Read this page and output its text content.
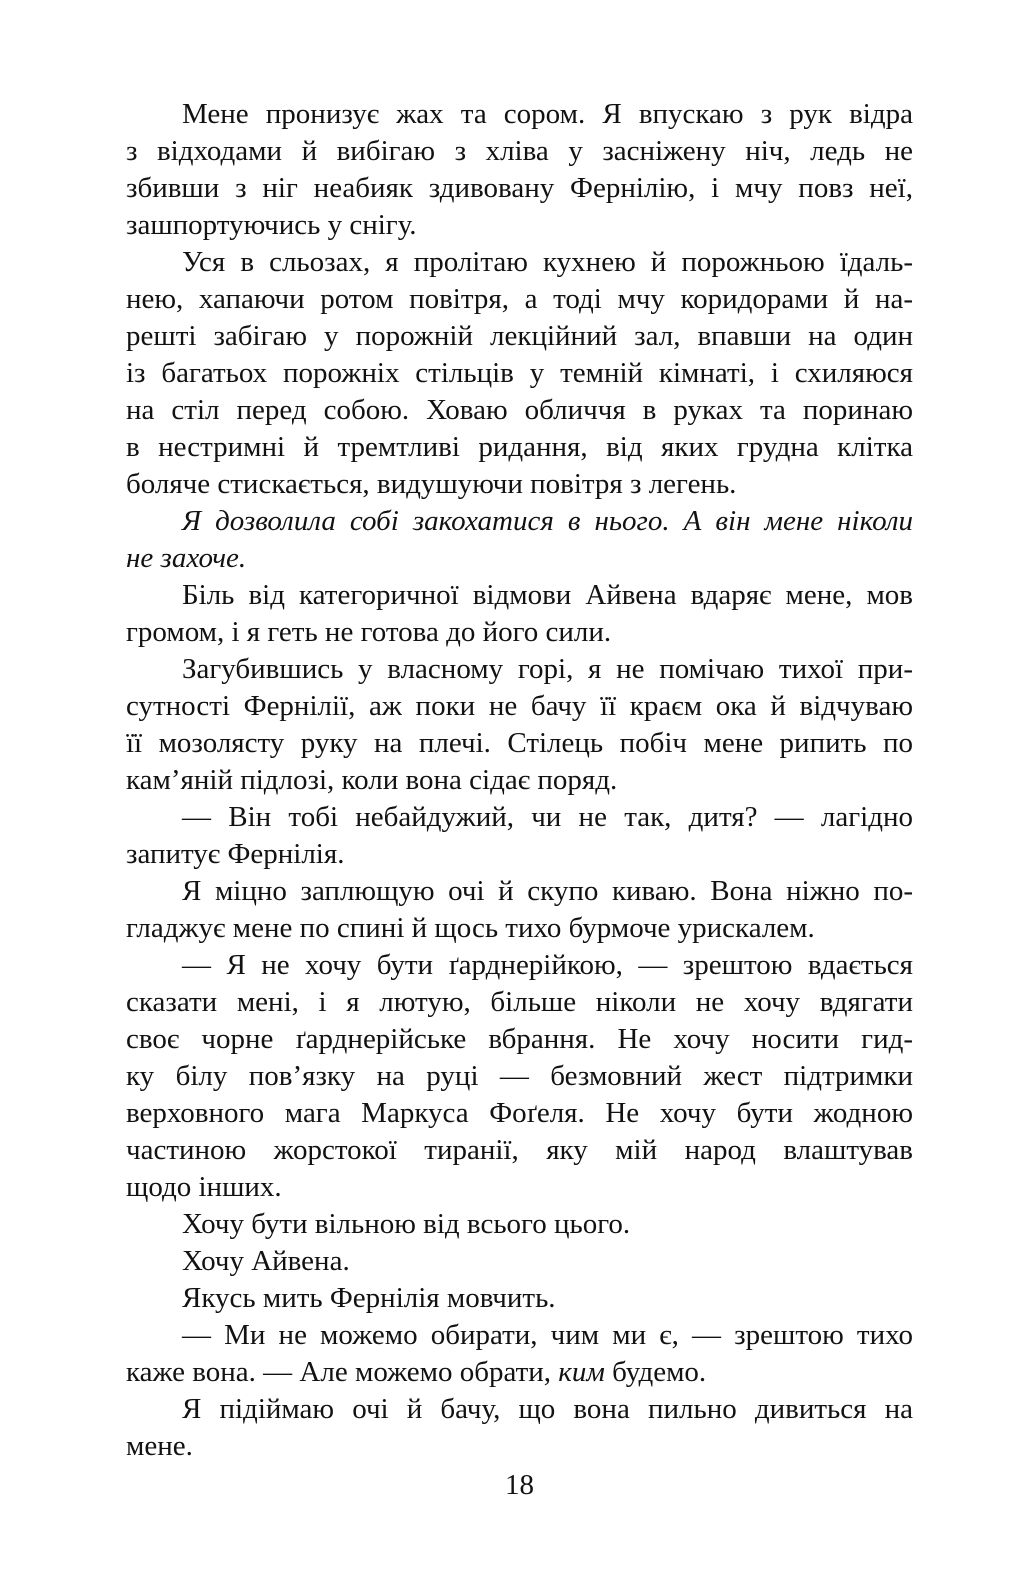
Мене пронизує жах та сором. Я впускаю з рук відра
з відходами й вибігаю з хліва у засніжену ніч, ледь не
збивши з ніг неабияк здивовану Фернілію, і мчу повз неї,
зашпортуючись у снігу.
Уся в сльозах, я пролітаю кухнею й порожньою їдаль-
нею, хапаючи ротом повітря, а тоді мчу коридорами й на-
решті забігаю у порожній лекційний зал, впавши на один
із багатьох порожніх стільців у темній кімнаті, і схиляюся
на стіл перед собою. Ховаю обличчя в руках та поринаю
в нестримні й тремтливі ридання, від яких грудна клітка
боляче стискається, видушуючи повітря з легень.
Я дозволила собі закохатися в нього. А він мене ніколи
не захоче.
Біль від категоричної відмови Айвена вдаряє мене, мов
громом, і я геть не готова до його сили.
Загубившись у власному горі, я не помічаю тихої при-
сутності Фернілії, аж поки не бачу її краєм ока й відчуваю
її мозолясту руку на плечі. Стілець побіч мене рипить по
кам’яній підлозі, коли вона сідає поряд.
— Він тобі небайдужий, чи не так, дитя? — лагідно
запитує Фернілія.
Я міцно заплющую очі й скупо киваю. Вона ніжно по-
гладжує мене по спині й щось тихо бурмоче урискалем.
— Я не хочу бути ґарднерійкою, — зрештою вдається
сказати мені, і я лютую, більше ніколи не хочу вдягати
своє чорне ґарднерійське вбрання. Не хочу носити гид-
ку білу пов’язку на руці — безмовний жест підтримки
верховного мага Маркуса Фоґеля. Не хочу бути жодною
частиною жорстокої тиранії, яку мій народ влаштував
щодо інших.
Хочу бути вільною від всього цього.
Хочу Айвена.
Якусь мить Фернілія мовчить.
— Ми не можемо обирати, чим ми є, — зрештою тихо
каже вона. — Але можемо обрати, ким будемо.
Я підіймаю очі й бачу, що вона пильно дивиться на
мене.
18
